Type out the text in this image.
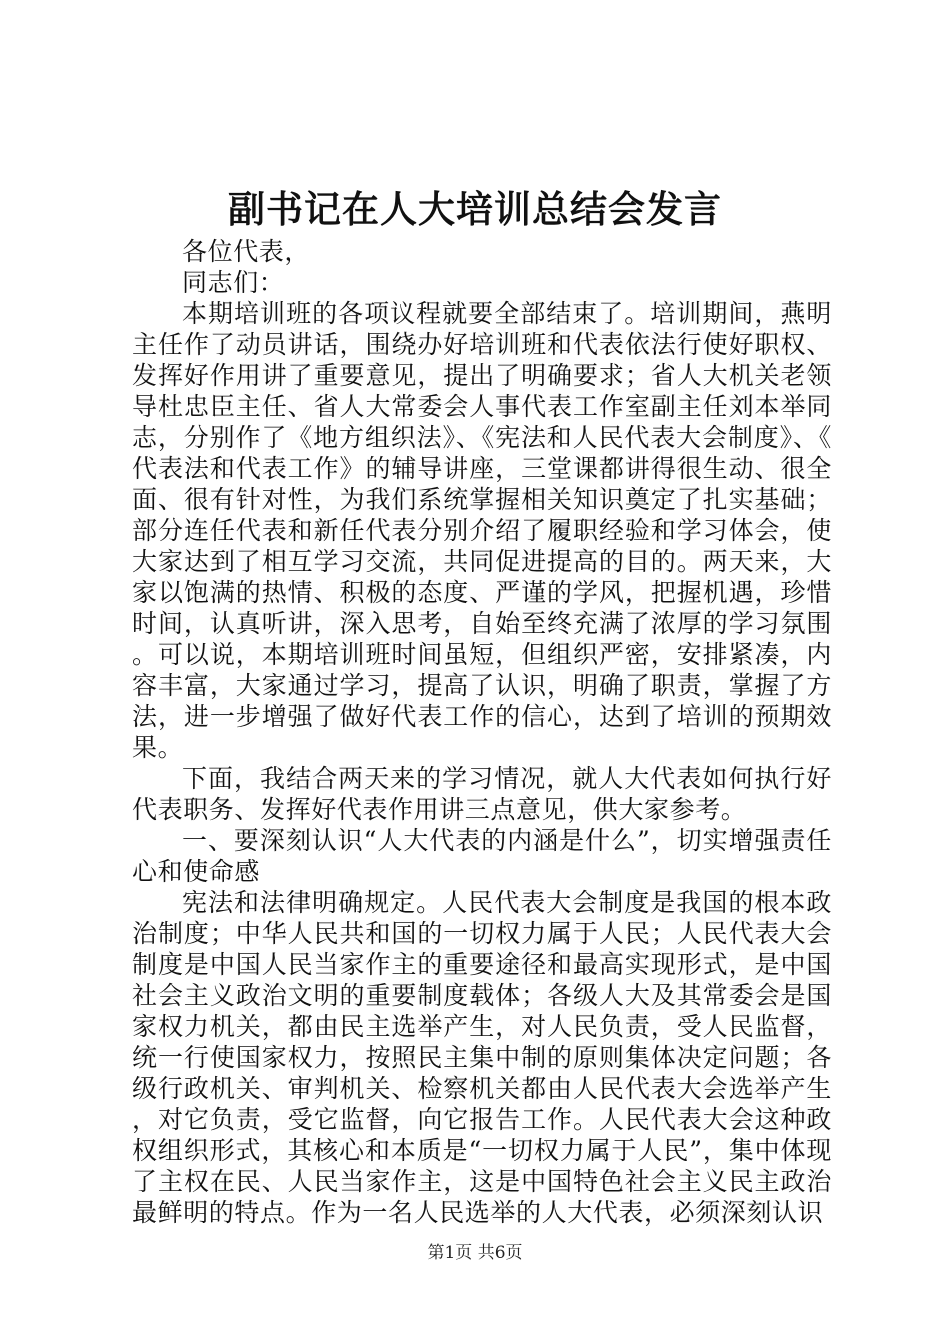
副书记在人大培训总结会发言

各位代表，

同志们：

本期培训班的各项议程就要全部结束了。培训期间，燕明主任作了动员讲话，围绕办好培训班和代表依法行使好职权、发挥好作用讲了重要意见，提出了明确要求；省人大机关老领导杜忠臣主任、省人大常委会人事代表工作室副主任刘本举同志，分别作了《地方组织法》、《宪法和人民代表大会制度》、《代表法和代表工作》的辅导讲座，三堂课都讲得很生动、很全面、很有针对性，为我们系统掌握相关知识奠定了扎实基础；部分连任代表和新任代表分别介绍了履职经验和学习体会，使大家达到了相互学习交流，共同促进提高的目的。两天来，大家以饱满的热情、积极的态度、严谨的学风，把握机遇，珍惜时间，认真听讲，深入思考，自始至终充满了浓厚的学习氛围。可以说，本期培训班时间虽短，但组织严密，安排紧凑，内容丰富，大家通过学习，提高了认识，明确了职责，掌握了方法，进一步增强了做好代表工作的信心，达到了培训的预期效果。

下面，我结合两天来的学习情况，就人大代表如何执行好代表职务、发挥好代表作用讲三点意见，供大家参考。

一、要深刻认识“人大代表的内涵是什么”，切实增强责任心和使命感

宪法和法律明确规定。人民代表大会制度是我国的根本政治制度；中华人民共和国的一切权力属于人民；人民代表大会制度是中国人民当家作主的重要途径和最高实现形式，是中国社会主义政治文明的重要制度载体；各级人大及其常委会是国家权力机关，都由民主选举产生，对人民负责，受人民监督，统一行使国家权力，按照民主集中制的原则集体决定问题；各级行政机关、审判机关、检察机关都由人民代表大会选举产生，对它负责，受它监督，向它报告工作。人民代表大会这种政权组织形式，其核心和本质是“一切权力属于人民”，集中体现了主权在民、人民当家作主，这是中国特色社会主义民主政治最鲜明的特点。作为一名人民选举的人大代表，必须深刻认识

第1页 共6页
